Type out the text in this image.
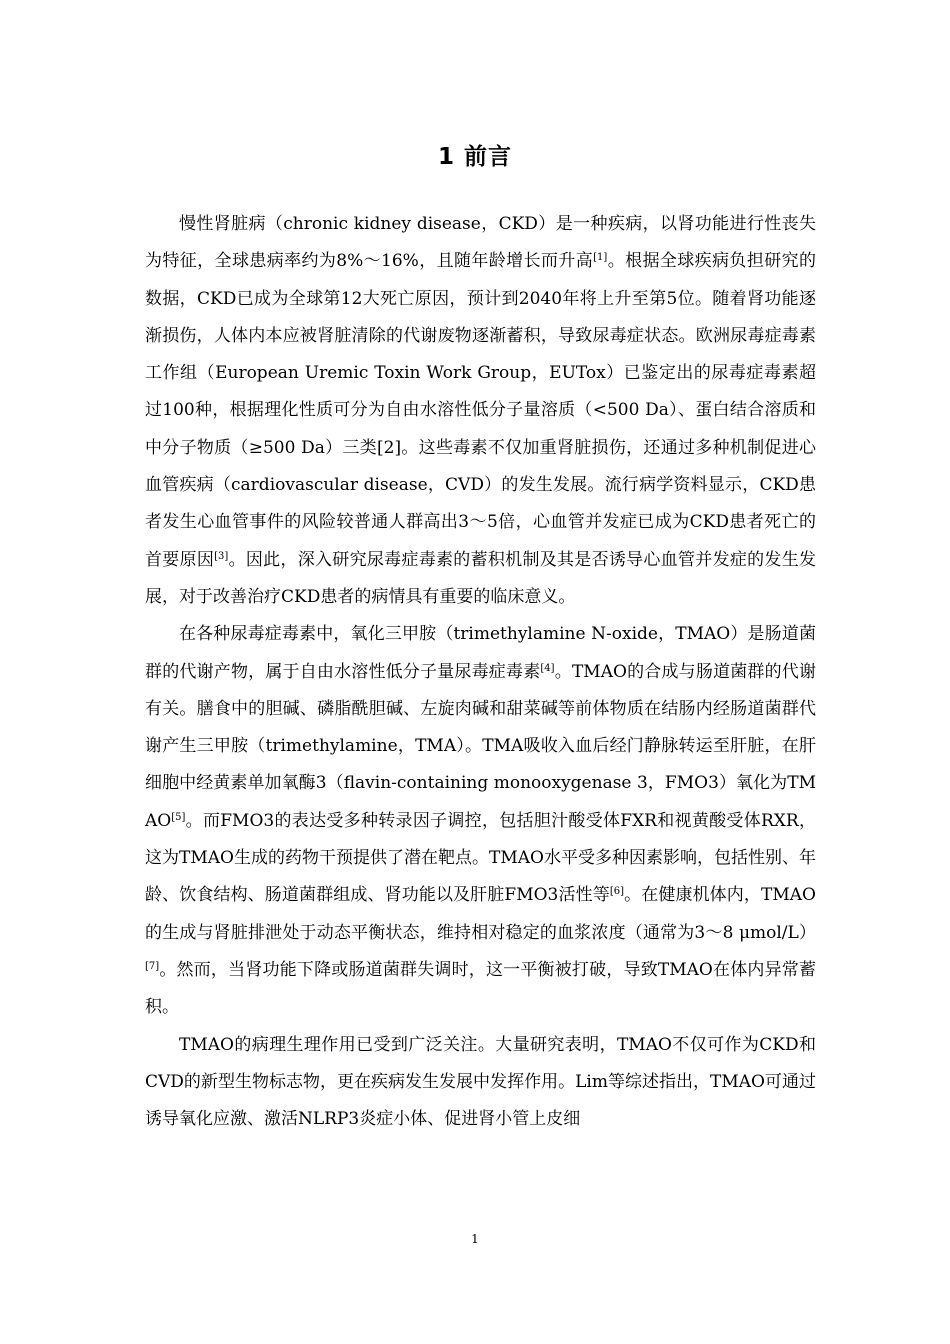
1 前言

慢性肾脏病（chronic kidney disease，CKD）是一种疾病，以肾功能进行性丧失为特征，全球患病率约为8%～16%，且随年龄增长而升高[1]。根据全球疾病负担研究的数据，CKD已成为全球第12大死亡原因，预计到2040年将上升至第5位。随着肾功能逐渐损伤，人体内本应被肾脏清除的代谢废物逐渐蓄积，导致尿毒症状态。欧洲尿毒症毒素工作组（European Uremic Toxin Work Group，EUTox）已鉴定出的尿毒症毒素超过100种，根据理化性质可分为自由水溶性低分子量溶质（<500 Da）、蛋白结合溶质和中分子物质（≥500 Da）三类[2]。这些毒素不仅加重肾脏损伤，还通过多种机制促进心血管疾病（cardiovascular disease，CVD）的发生发展。流行病学资料显示，CKD患者发生心血管事件的风险较普通人群高出3～5倍，心血管并发症已成为CKD患者死亡的首要原因[3]。因此，深入研究尿毒症毒素的蓄积机制及其是否诱导心血管并发症的发生发展，对于改善治疗CKD患者的病情具有重要的临床意义。

在各种尿毒症毒素中，氧化三甲胺（trimethylamine N-oxide，TMAO）是肠道菌群的代谢产物，属于自由水溶性低分子量尿毒症毒素[4]。TMAO的合成与肠道菌群的代谢有关。膳食中的胆碱、磷脂酰胆碱、左旋肉碱和甜菜碱等前体物质在结肠内经肠道菌群代谢产生三甲胺（trimethylamine，TMA）。TMA吸收入血后经门静脉转运至肝脏，在肝细胞中经黄素单加氧酶3（flavin-containing monooxygenase 3，FMO3）氧化为TMAO[5]。而FMO3的表达受多种转录因子调控，包括胆汁酸受体FXR和视黄酸受体RXR，这为TMAO生成的药物干预提供了潜在靶点。TMAO水平受多种因素影响，包括性别、年龄、饮食结构、肠道菌群组成、肾功能以及肝脏FMO3活性等[6]。在健康机体内，TMAO的生成与肾脏排泄处于动态平衡状态，维持相对稳定的血浆浓度（通常为3～8 μmol/L）[7]。然而，当肾功能下降或肠道菌群失调时，这一平衡被打破，导致TMAO在体内异常蓄积。

TMAO的病理生理作用已受到广泛关注。大量研究表明，TMAO不仅可作为CKD和CVD的新型生物标志物，更在疾病发生发展中发挥作用。Lim等综述指出，TMAO可通过诱导氧化应激、激活NLRP3炎症小体、促进肾小管上皮细

1
